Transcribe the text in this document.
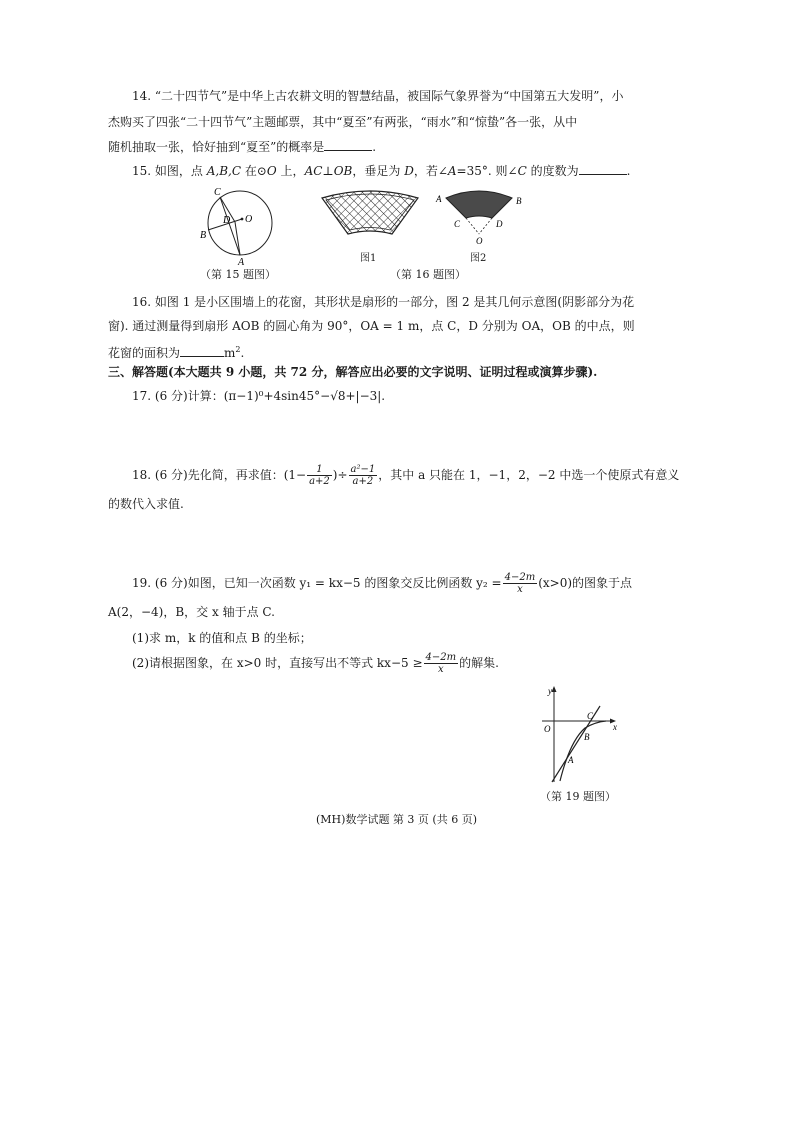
14. “二十四节气”是中华上古农耕文明的智慧结晶，被国际气象界誉为“中国第五大发明”，小
杰购买了四张“二十四节气”主题邮票，其中“夏至”有两张，“雨水”和“惊蛰”各一张，从中
随机抽取一张，恰好抽到“夏至”的概率是	.
15. 如图，点 A,B,C 在⊙O 上，AC⊥OB，垂足为 D，若∠A=35°. 则∠C 的度数为	.
C
D O
B
A
（第 15 题图）
图1
A	B
C	D
O
图2
（第 16 题图）
16. 如图 1 是小区围墙上的花窗，其形状是扇形的一部分，图 2 是其几何示意图(阴影部分为花
窗). 通过测量得到扇形 AOB 的圆心角为 90°，OA = 1 m，点 C，D 分别为 OA，OB 的中点，则
花窗的面积为	$m^2$.
三、解答题(本大题共 9 小题，共 72 分，解答应出必要的文字说明、证明过程或演算步骤).
17. (6 分)计算：(π−1)⁰+4sin45°−√8+|−3|.
18. (6 分)先化简，再求值：($1- \frac{1}{a+2}$ )÷ $\frac{\text{a²−1}}{a+2}$ ，其中 a 只能在 1，−1，2，−2 中选一个使原式有意义
的数代入求值.
19. (6 分)如图，已知一次函数 y₁ = kx−5 的图象交反比例函数 $y_2 = \frac{4-2m}{x} (x>0)$的图象于点
A(2，−4)，B，交 x 轴于点 C.
(1)求 m，k 的值和点 B 的坐标；
(2)请根据图象，在 x>0 时，直接写出不等式 $kx-5 \ge \frac{4-2m}{x}$ 的解集.
y
x
O
C
B
A
（第 19 题图）
(MH)数学试题 第 3 页 (共 6 页)
